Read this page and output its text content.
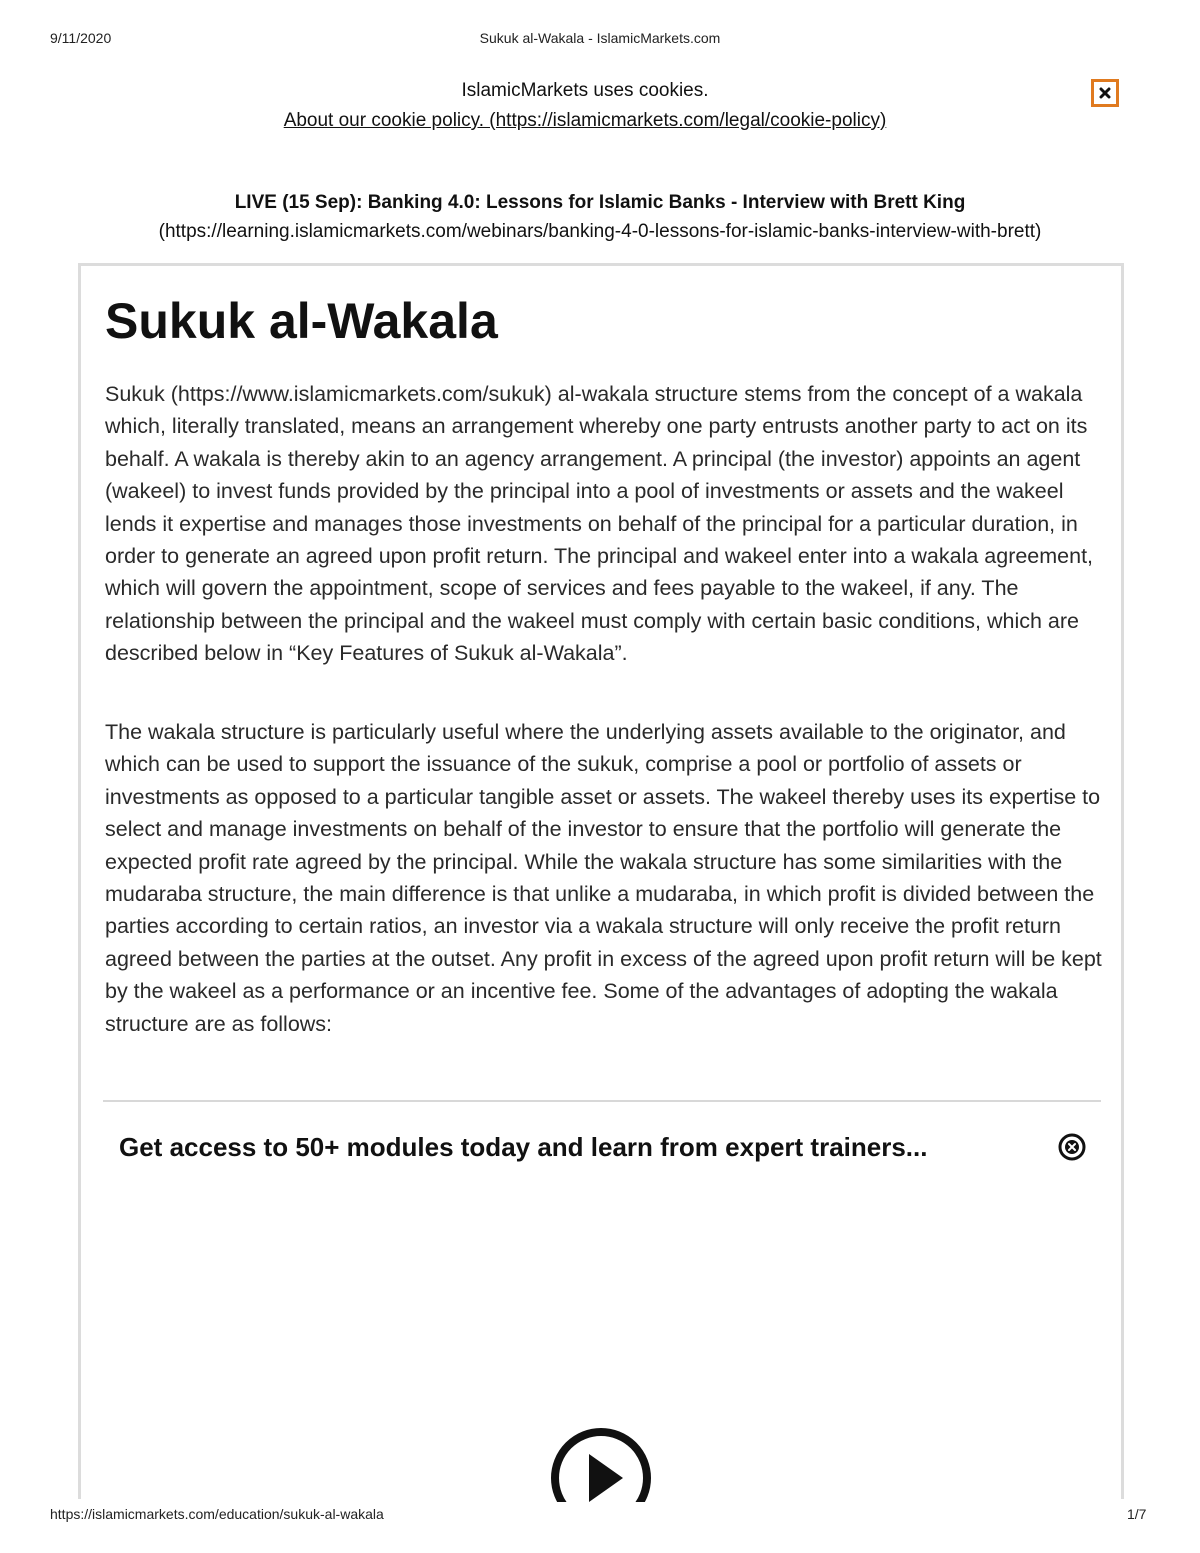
9/11/2020	Sukuk al-Wakala - IslamicMarkets.com
IslamicMarkets uses cookies.
About our cookie policy. (https://islamicmarkets.com/legal/cookie-policy)
LIVE (15 Sep): Banking 4.0: Lessons for Islamic Banks - Interview with Brett King
(https://learning.islamicmarkets.com/webinars/banking-4-0-lessons-for-islamic-banks-interview-with-brett)
Sukuk al-Wakala

Sukuk (https://www.islamicmarkets.com/sukuk) al-wakala structure stems from the concept of a wakala which, literally translated, means an arrangement whereby one party entrusts another party to act on its behalf. A wakala is thereby akin to an agency arrangement. A principal (the investor) appoints an agent (wakeel) to invest funds provided by the principal into a pool of investments or assets and the wakeel lends it expertise and manages those investments on behalf of the principal for a particular duration, in order to generate an agreed upon profit return. The principal and wakeel enter into a wakala agreement, which will govern the appointment, scope of services and fees payable to the wakeel, if any. The relationship between the principal and the wakeel must comply with certain basic conditions, which are described below in “Key Features of Sukuk al-Wakala”.

The wakala structure is particularly useful where the underlying assets available to the originator, and which can be used to support the issuance of the sukuk, comprise a pool or portfolio of assets or investments as opposed to a particular tangible asset or assets. The wakeel thereby uses its expertise to select and manage investments on behalf of the investor to ensure that the portfolio will generate the expected profit rate agreed by the principal. While the wakala structure has some similarities with the mudaraba structure, the main difference is that unlike a mudaraba, in which profit is divided between the parties according to certain ratios, an investor via a wakala structure will only receive the profit return agreed between the parties at the outset. Any profit in excess of the agreed upon profit return will be kept by the wakeel as a performance or an incentive fee. Some of the advantages of adopting the wakala structure are as follows:

Get access to 50+ modules today and learn from expert trainers...

https://islamicmarkets.com/education/sukuk-al-wakala	1/7
